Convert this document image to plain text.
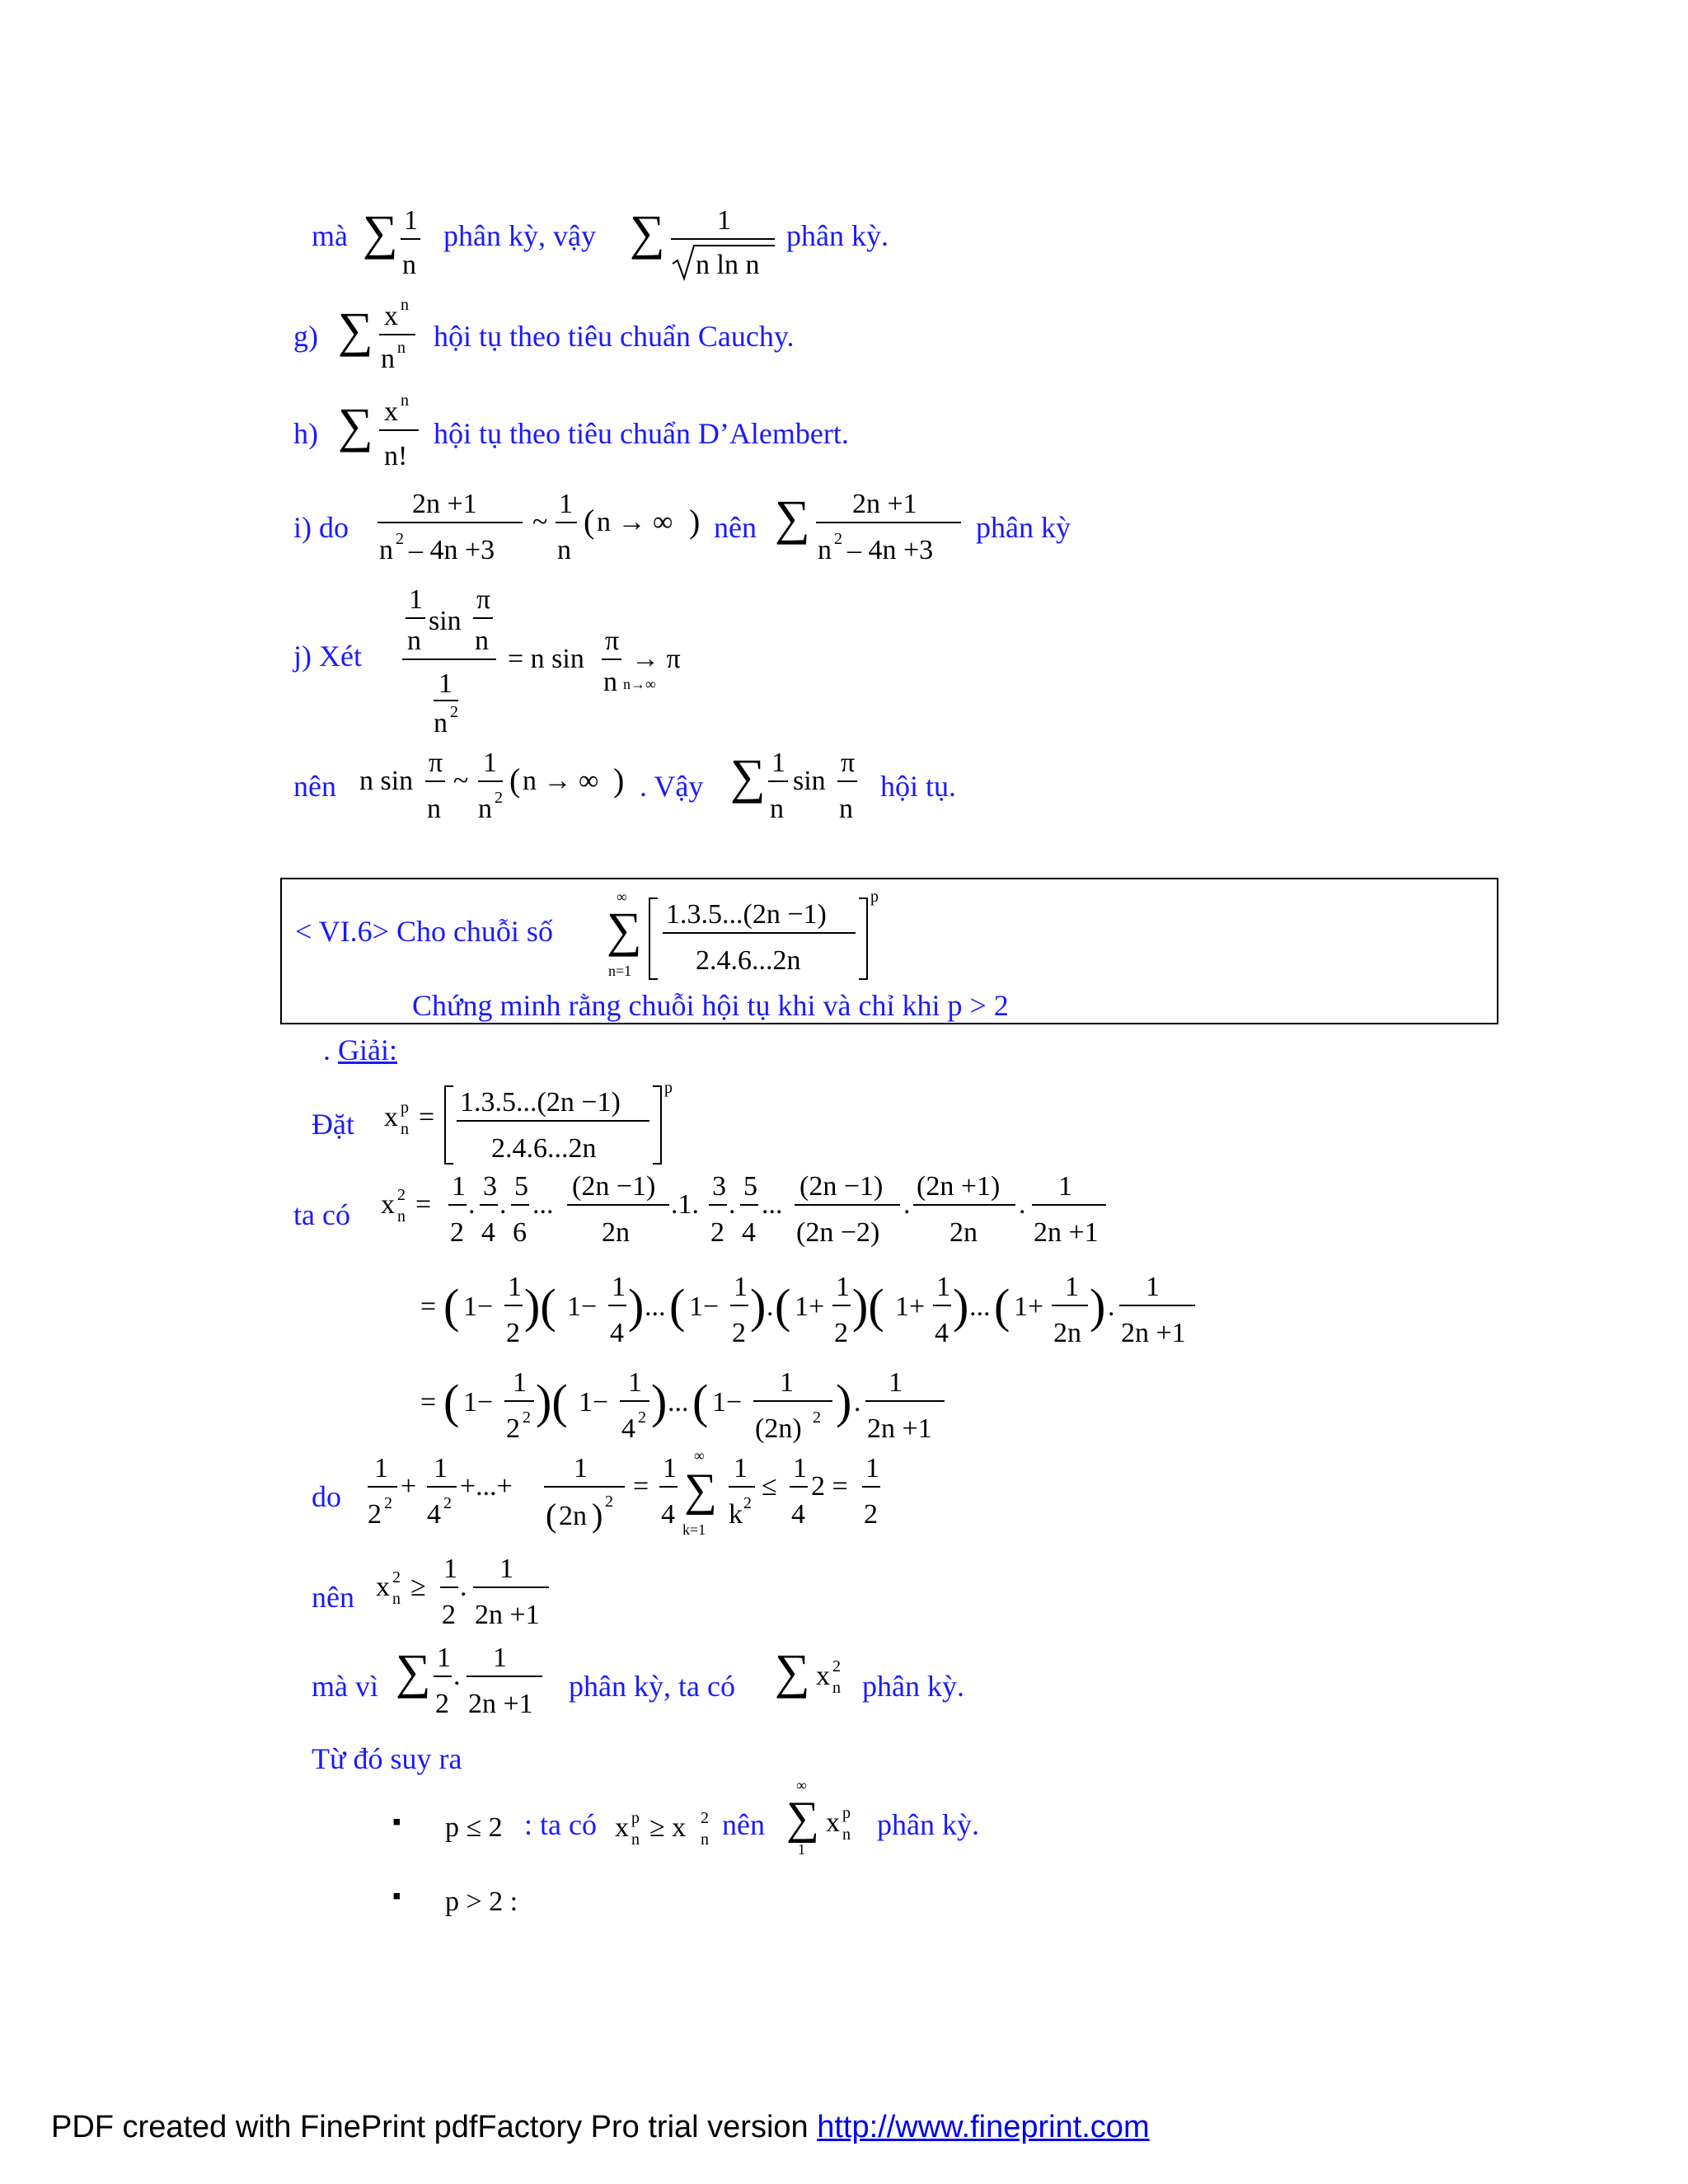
mà ∑ 1
n
phân kỳ, vậy ∑ 1
n ln n
phân kỳ.
g) ∑ x n
n n hội tụ theo tiêu chuẩn Cauchy.
h) ∑ x n
n!
hội tụ theo tiêu chuẩn D’Alembert.
i) do
2n +1
n 2 – 4n +3
~
1
n
( n → ∞ ) nên ∑ 2n +1
n 2 – 4n +3
phân kỳ
j) Xét
1
n
sin
π
n
1
n 2
= n sin
π
n n→∞
→ π
nên n sin
π
n
~
1
n 2 ( n → ∞ ) . Vậy ∑ 1
n
sin
π
n
hội tụ.
< VI.6> Cho chuỗi số
∞
∑
n=1
1.3.5...(2n −1)
2.4.6...2n
p
Chứng minh rằng chuỗi hội tụ khi và chỉ khi p > 2
. Giải:
Đặt x p
n = 1.3.5...(2n −1)
2.4.6...2n
p
ta có x 2
n =
1
2
.
3
4
.
5
6
...
(2n −1)
2n
.1.
3
2
.
5
4
...
(2n −1)
(2n −2)
.
(2n +1)
2n
.
1
2n +1
= ( 1−
1
2
)( 1−
1
4
) ... ( 1−
1
2
) . ( 1+
1
2
)( 1+
1
4
) ... ( 1+
1
2n
) .
1
2n +1
= ( 1−
1
2 2 )( 1−
1
4 2 ) ... ( 1−
1
(2n) 2 ) .
1
2n +1
do
1
2 2
+
1
4 2
+...+
1
( 2n ) 2 =
1
4
∞
∑
k=1
1
k 2
≤
1
4
2 =
1
2
nên x 2
n ≥
1
2
.
1
2n +1
mà vì ∑ 1
2
.
1
2n +1
phân kỳ, ta có ∑ x 2
n phân kỳ.
Từ đó suy ra
▪ p ≤ 2 : ta có x p
n ≥ x 2
n nên
∞
∑
1
x p
n phân kỳ.
▪ p > 2 :
PDF created with FinePrint pdfFactory Pro trial version http://www.fineprint.com
